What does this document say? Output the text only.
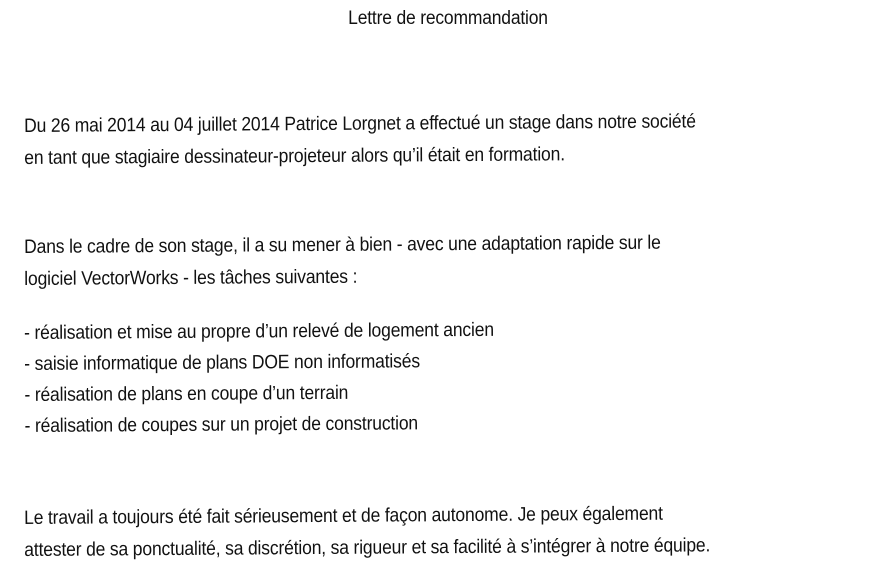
Lettre de recommandation
Du 26 mai 2014 au 04 juillet 2014 Patrice Lorgnet a effectué un stage dans notre société
en tant que stagiaire dessinateur-projeteur alors qu’il était en formation.
Dans le cadre de son stage, il a su mener à bien - avec une adaptation rapide sur le
logiciel VectorWorks - les tâches suivantes :
- réalisation et mise au propre d’un relevé de logement ancien
- saisie informatique de plans DOE non informatisés
- réalisation de plans en coupe d’un terrain
- réalisation de coupes sur un projet de construction
Le travail a toujours été fait sérieusement et de façon autonome. Je peux également
attester de sa ponctualité, sa discrétion, sa rigueur et sa facilité à s’intégrer à notre équipe.
